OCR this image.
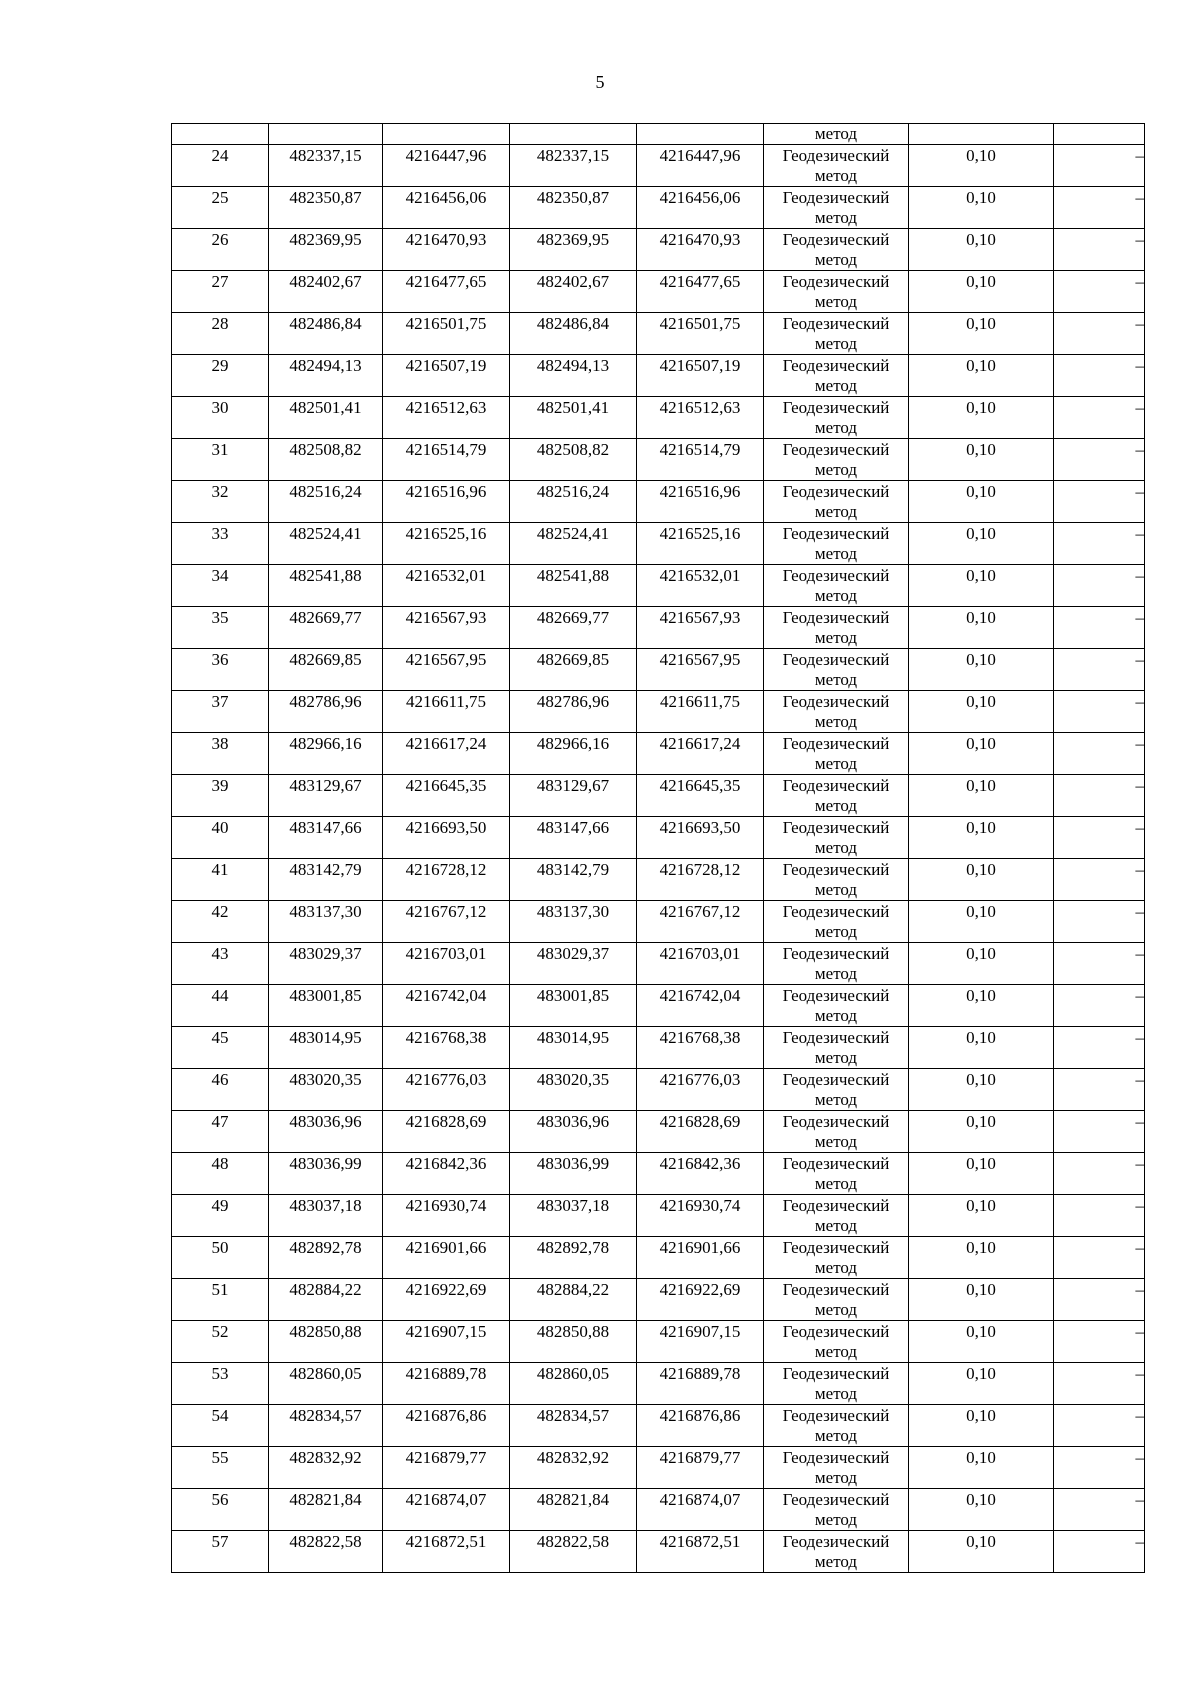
5
					метод		
24	482337,15	4216447,96	482337,15	4216447,96	Геодезический
метод	0,10	–
25	482350,87	4216456,06	482350,87	4216456,06	Геодезический
метод	0,10	–
26	482369,95	4216470,93	482369,95	4216470,93	Геодезический
метод	0,10	–
27	482402,67	4216477,65	482402,67	4216477,65	Геодезический
метод	0,10	–
28	482486,84	4216501,75	482486,84	4216501,75	Геодезический
метод	0,10	–
29	482494,13	4216507,19	482494,13	4216507,19	Геодезический
метод	0,10	–
30	482501,41	4216512,63	482501,41	4216512,63	Геодезический
метод	0,10	–
31	482508,82	4216514,79	482508,82	4216514,79	Геодезический
метод	0,10	–
32	482516,24	4216516,96	482516,24	4216516,96	Геодезический
метод	0,10	–
33	482524,41	4216525,16	482524,41	4216525,16	Геодезический
метод	0,10	–
34	482541,88	4216532,01	482541,88	4216532,01	Геодезический
метод	0,10	–
35	482669,77	4216567,93	482669,77	4216567,93	Геодезический
метод	0,10	–
36	482669,85	4216567,95	482669,85	4216567,95	Геодезический
метод	0,10	–
37	482786,96	4216611,75	482786,96	4216611,75	Геодезический
метод	0,10	–
38	482966,16	4216617,24	482966,16	4216617,24	Геодезический
метод	0,10	–
39	483129,67	4216645,35	483129,67	4216645,35	Геодезический
метод	0,10	–
40	483147,66	4216693,50	483147,66	4216693,50	Геодезический
метод	0,10	–
41	483142,79	4216728,12	483142,79	4216728,12	Геодезический
метод	0,10	–
42	483137,30	4216767,12	483137,30	4216767,12	Геодезический
метод	0,10	–
43	483029,37	4216703,01	483029,37	4216703,01	Геодезический
метод	0,10	–
44	483001,85	4216742,04	483001,85	4216742,04	Геодезический
метод	0,10	–
45	483014,95	4216768,38	483014,95	4216768,38	Геодезический
метод	0,10	–
46	483020,35	4216776,03	483020,35	4216776,03	Геодезический
метод	0,10	–
47	483036,96	4216828,69	483036,96	4216828,69	Геодезический
метод	0,10	–
48	483036,99	4216842,36	483036,99	4216842,36	Геодезический
метод	0,10	–
49	483037,18	4216930,74	483037,18	4216930,74	Геодезический
метод	0,10	–
50	482892,78	4216901,66	482892,78	4216901,66	Геодезический
метод	0,10	–
51	482884,22	4216922,69	482884,22	4216922,69	Геодезический
метод	0,10	–
52	482850,88	4216907,15	482850,88	4216907,15	Геодезический
метод	0,10	–
53	482860,05	4216889,78	482860,05	4216889,78	Геодезический
метод	0,10	–
54	482834,57	4216876,86	482834,57	4216876,86	Геодезический
метод	0,10	–
55	482832,92	4216879,77	482832,92	4216879,77	Геодезический
метод	0,10	–
56	482821,84	4216874,07	482821,84	4216874,07	Геодезический
метод	0,10	–
57	482822,58	4216872,51	482822,58	4216872,51	Геодезический
метод	0,10	–
